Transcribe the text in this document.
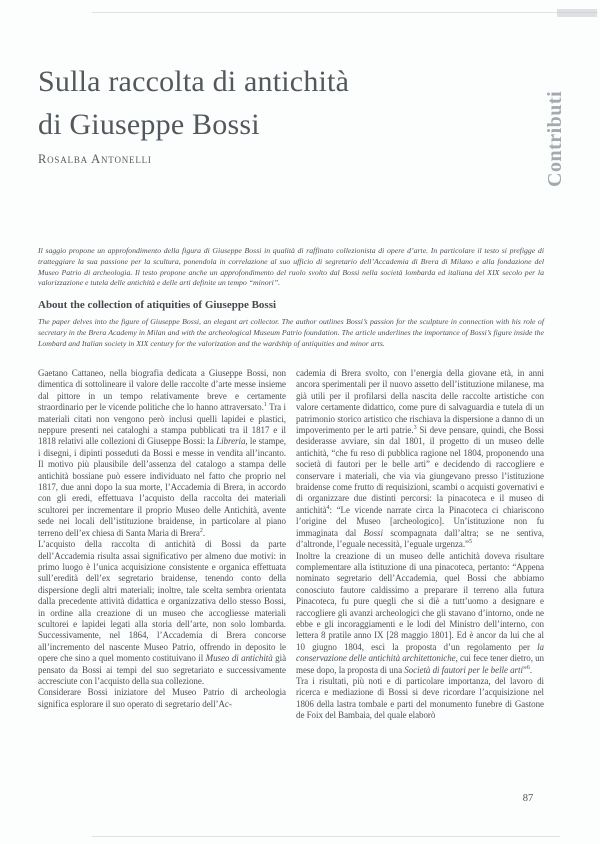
Contributi
Sulla raccolta di antichità
di Giuseppe Bossi
Rosalba Antonelli
Il saggio propone un approfondimento della figura di Giuseppe Bossi in qualità di raffinato collezionista di opere d’arte. In particolare il testo si prefigge di tratteggiare la sua passione per la scultura, ponendola in correlazione al suo ufficio di segretario dell’Accademia di Brera di Milano e alla fondazione del Museo Patrio di archeologia. Il testo propone anche un approfondimento del ruolo svolto dal Bossi nella società lombarda ed italiana del XIX secolo per la valorizzazione e tutela delle antichità e delle arti definite un tempo “minori”.
About the collection of atiquities of Giuseppe Bossi
The paper delves into the figure of Giuseppe Bossi, an elegant art collector. The author outlines Bossi’s passion for the sculpture in connection with his role of secretary in the Brera Academy in Milan and with the archeological Museum Patrio foundation. The article underlines the importance of Bossi’s figure inside the Lombard and Italian society in XIX century for the valorization and the wardship of antiquities and minor arts.

Gaetano Cattaneo, nella biografia dedicata a Giuseppe Bossi, non dimentica di sottolineare il valore delle raccolte d’arte messe insieme dal pittore in un tempo relativamente breve e certamente straordinario per le vicende politiche che lo hanno attraversato.$^1$ Tra i materiali citati non vengono però inclusi quelli lapidei e plastici, neppure presenti nei cataloghi a stampa pubblicati tra il 1817 e il 1818 relativi alle collezioni di Giuseppe Bossi: la Libreria, le stampe, i disegni, i dipinti posseduti da Bossi e messe in vendita all’incanto. Il motivo più plausibile dell’assenza del catalogo a stampa delle antichità bossiane può essere individuato nel fatto che proprio nel 1817, due anni dopo la sua morte, l’Accademia di Brera, in accordo con gli eredi, effettuava l’acquisto della raccolta dei materiali scultorei per incrementare il proprio Museo delle Antichità, avente sede nei locali dell’istituzione braidense, in particolare al piano terreno dell’ex chiesa di Santa Maria di Brera$^2$.

L’acquisto della raccolta di antichità di Bossi da parte dell’Accademia risulta assai significativo per almeno due motivi: in primo luogo è l’unica acquisizione consistente e organica effettuata sull’eredità dell’ex segretario braidense, tenendo conto della dispersione degli altri materiali; inoltre, tale scelta sembra orientata dalla precedente attività didattica e organizzativa dello stesso Bossi, in ordine alla creazione di un museo che accogliesse materiali scultorei e lapidei legati alla storia dell’arte, non solo lombarda. Successivamente, nel 1864, l’Accademia di Brera concorse all’incremento del nascente Museo Patrio, offrendo in deposito le opere che sino a quel momento costituivano il Museo di antichità già pensato da Bossi ai tempi del suo segretariato e successivamente accresciute con l’acquisto della sua collezione.

Considerare Bossi iniziatore del Museo Patrio di archeologia significa esplorare il suo operato di segretario dell’Ac-

cademia di Brera svolto, con l’energia della giovane età, in anni ancora sperimentali per il nuovo assetto dell’istituzione milanese, ma già utili per il profilarsi della nascita delle raccolte artistiche con valore certamente didattico, come pure di salvaguardia e tutela di un patrimonio storico artistico che rischiava la dispersione a danno di un impoverimento per le arti patrie.$^3$ Si deve pensare, quindi, che Bossi desiderasse avviare, sin dal 1801, il progetto di un museo delle antichità, “che fu reso di pubblica ragione nel 1804, proponendo una società di fautori per le belle arti” e decidendo di raccogliere e conservare i materiali, che via via giungevano presso l’istituzione braidense come frutto di requisizioni, scambi o acquisti governativi e di organizzare due distinti percorsi: la pinacoteca e il museo di antichità$^4$: “Le vicende narrate circa la Pinacoteca ci chiariscono l’origine del Museo [archeologico]. Un’istituzione non fu immaginata dal Bossi scompagnata dall’altra; se ne sentiva, d’altronde, l’eguale necessità, l’eguale urgenza.”$^5$

Inoltre la creazione di un museo delle antichità doveva risultare complementare alla istituzione di una pinacoteca, pertanto: “Appena nominato segretario dell’Accademia, quel Bossi che abbiamo conosciuto fautore caldissimo a preparare il terreno alla futura Pinacoteca, fu pure quegli che si diè a tutt’uomo a designare e raccogliere gli avanzi archeologici che gli stavano d’intorno, onde ne ebbe e gli incoraggiamenti e le lodi del Ministro dell’interno, con lettera 8 pratile anno IX [28 maggio 1801]. Ed è ancor da lui che al 10 giugno 1804, escì la proposta d’un regolamento per la conservazione delle antichità architettoniche, cui fece tener dietro, un mese dopo, la proposta di una Società di fautori per le belle arti”$^6$.

Tra i risultati, più noti e di particolare importanza, del lavoro di ricerca e mediazione di Bossi si deve ricordare l’acquisizione nel 1806 della lastra tombale e parti del monumento funebre di Gastone de Foix del Bambaia, del quale elaborò

87
